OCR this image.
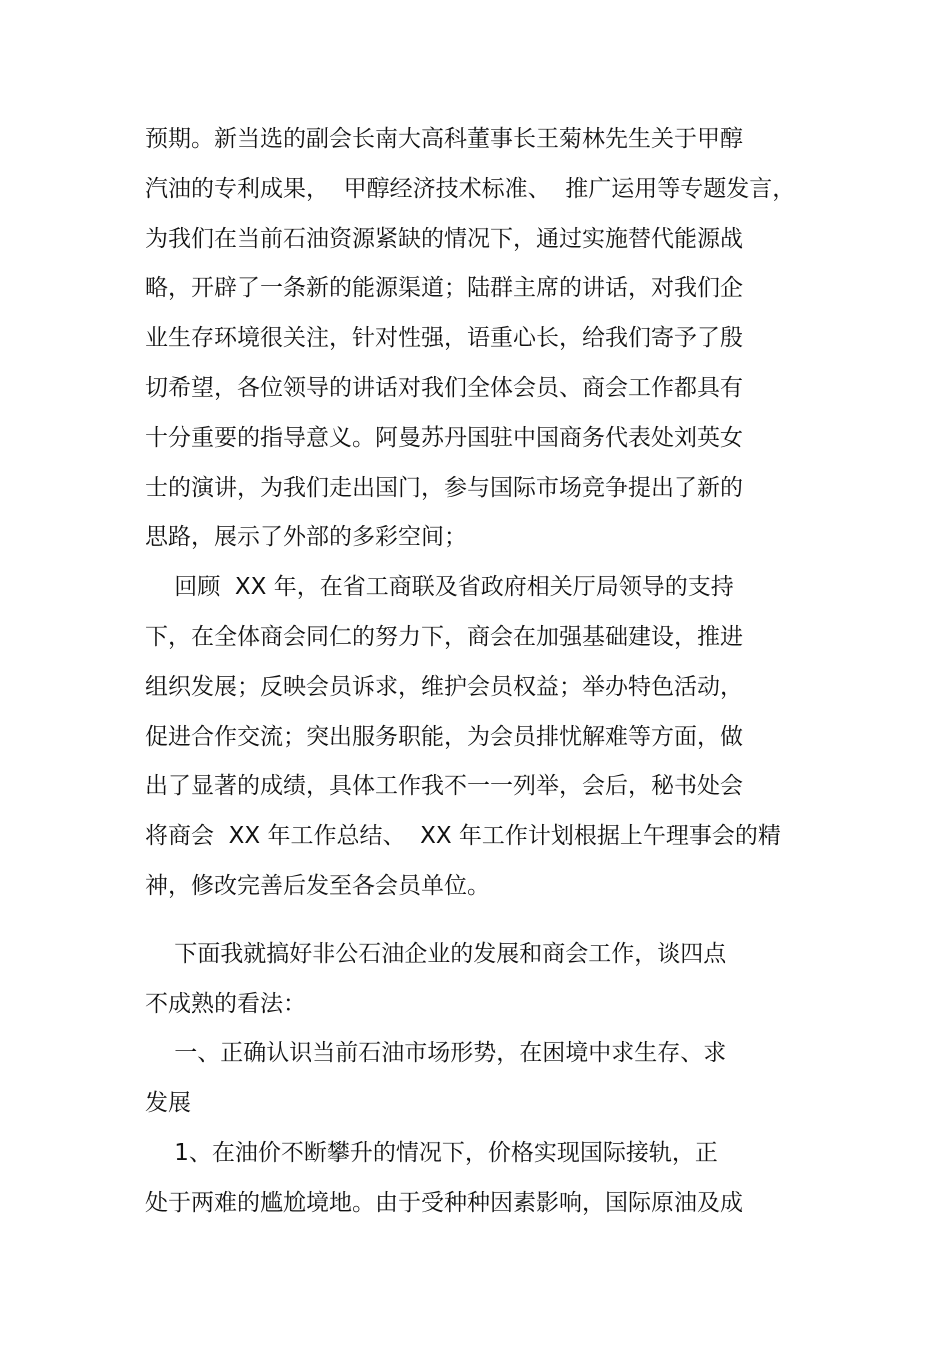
预期。新当选的副会长南大高科董事长王菊林先生关于甲醇
汽油的专利成果，  甲醇经济技术标准、  推广运用等专题发言，
为我们在当前石油资源紧缺的情况下，通过实施替代能源战
略，开辟了一条新的能源渠道；陆群主席的讲话，对我们企
业生存环境很关注，针对性强，语重心长，给我们寄予了殷
切希望，各位领导的讲话对我们全体会员、商会工作都具有
十分重要的指导意义。阿曼苏丹国驻中国商务代表处刘英女
士的演讲，为我们走出国门，参与国际市场竞争提出了新的
思路，展示了外部的多彩空间；
回顾  XX 年，在省工商联及省政府相关厅局领导的支持
下，在全体商会同仁的努力下，商会在加强基础建设，推进
组织发展；反映会员诉求，维护会员权益；举办特色活动，
促进合作交流；突出服务职能，为会员排忧解难等方面，做
出了显著的成绩，具体工作我不一一列举，会后，秘书处会
将商会  XX 年工作总结、  XX 年工作计划根据上午理事会的精
神，修改完善后发至各会员单位。
下面我就搞好非公石油企业的发展和商会工作，谈四点
不成熟的看法：
一、正确认识当前石油市场形势，在困境中求生存、求
发展
1、在油价不断攀升的情况下，价格实现国际接轨，正
处于两难的尴尬境地。由于受种种因素影响，国际原油及成
